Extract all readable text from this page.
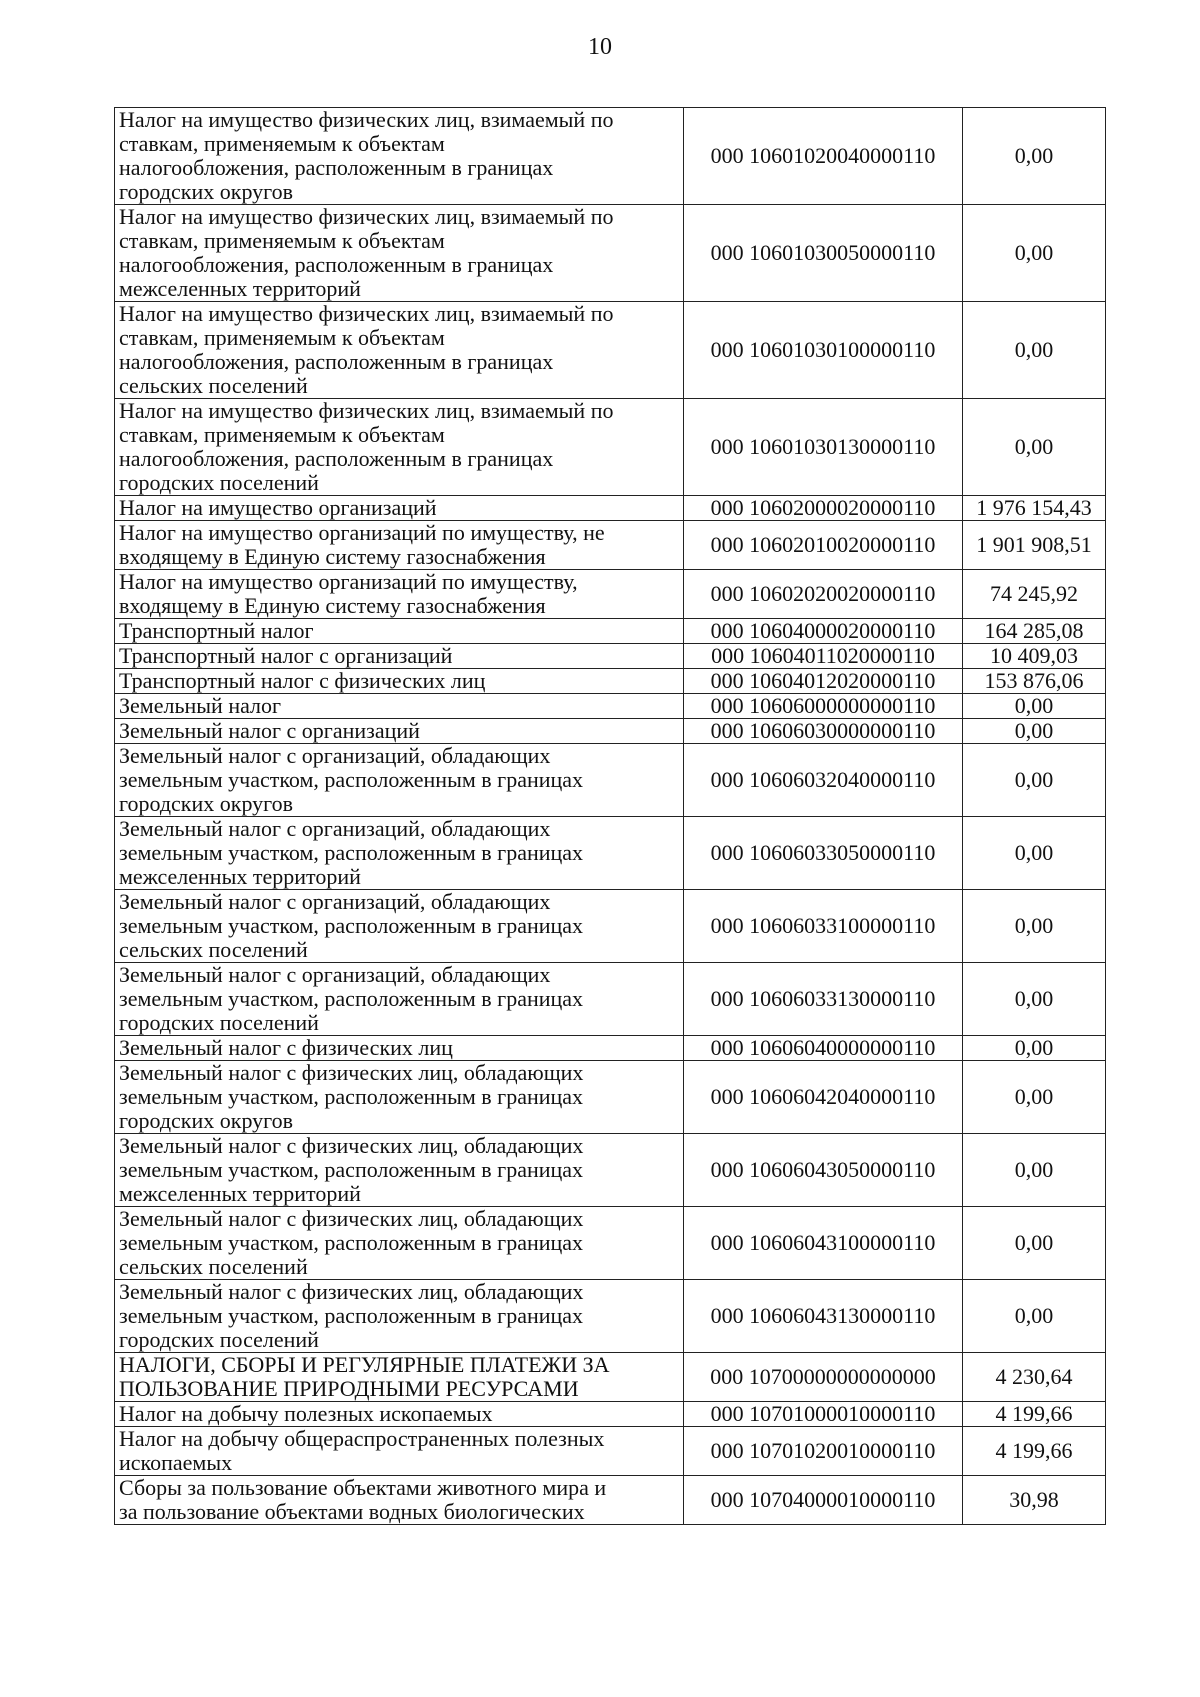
10
Налог на имущество физических лиц, взимаемый по
ставкам, применяемым к объектам
налогообложения, расположенным в границах
городских округов	000 10601020040000110	0,00

Налог на имущество физических лиц, взимаемый по
ставкам, применяемым к объектам
налогообложения, расположенным в границах
межселенных территорий	000 10601030050000110	0,00

Налог на имущество физических лиц, взимаемый по
ставкам, применяемым к объектам
налогообложения, расположенным в границах
сельских поселений	000 10601030100000110	0,00

Налог на имущество физических лиц, взимаемый по
ставкам, применяемым к объектам
налогообложения, расположенным в границах
городских поселений	000 10601030130000110	0,00

Налог на имущество организаций	000 10602000020000110	1 976 154,43

Налог на имущество организаций по имуществу, не
входящему в Единую систему газоснабжения	000 10602010020000110	1 901 908,51

Налог на имущество организаций по имуществу,
входящему в Единую систему газоснабжения	000 10602020020000110	74 245,92

Транспортный налог	000 10604000020000110	164 285,08

Транспортный налог с организаций	000 10604011020000110	10 409,03

Транспортный налог с физических лиц	000 10604012020000110	153 876,06

Земельный налог	000 10606000000000110	0,00

Земельный налог с организаций	000 10606030000000110	0,00

Земельный налог с организаций, обладающих
земельным участком, расположенным в границах
городских округов	000 10606032040000110	0,00

Земельный налог с организаций, обладающих
земельным участком, расположенным в границах
межселенных территорий	000 10606033050000110	0,00

Земельный налог с организаций, обладающих
земельным участком, расположенным в границах
сельских поселений	000 10606033100000110	0,00

Земельный налог с организаций, обладающих
земельным участком, расположенным в границах
городских поселений	000 10606033130000110	0,00

Земельный налог с физических лиц	000 10606040000000110	0,00

Земельный налог с физических лиц, обладающих
земельным участком, расположенным в границах
городских округов	000 10606042040000110	0,00

Земельный налог с физических лиц, обладающих
земельным участком, расположенным в границах
межселенных территорий	000 10606043050000110	0,00

Земельный налог с физических лиц, обладающих
земельным участком, расположенным в границах
сельских поселений	000 10606043100000110	0,00

Земельный налог с физических лиц, обладающих
земельным участком, расположенным в границах
городских поселений	000 10606043130000110	0,00

НАЛОГИ, СБОРЫ И РЕГУЛЯРНЫЕ ПЛАТЕЖИ ЗА
ПОЛЬЗОВАНИЕ ПРИРОДНЫМИ РЕСУРСАМИ	000 10700000000000000	4 230,64

Налог на добычу полезных ископаемых	000 10701000010000110	4 199,66

Налог на добычу общераспространенных полезных
ископаемых	000 10701020010000110	4 199,66

Сборы за пользование объектами животного мира и
за пользование объектами водных биологических	000 10704000010000110	30,98
